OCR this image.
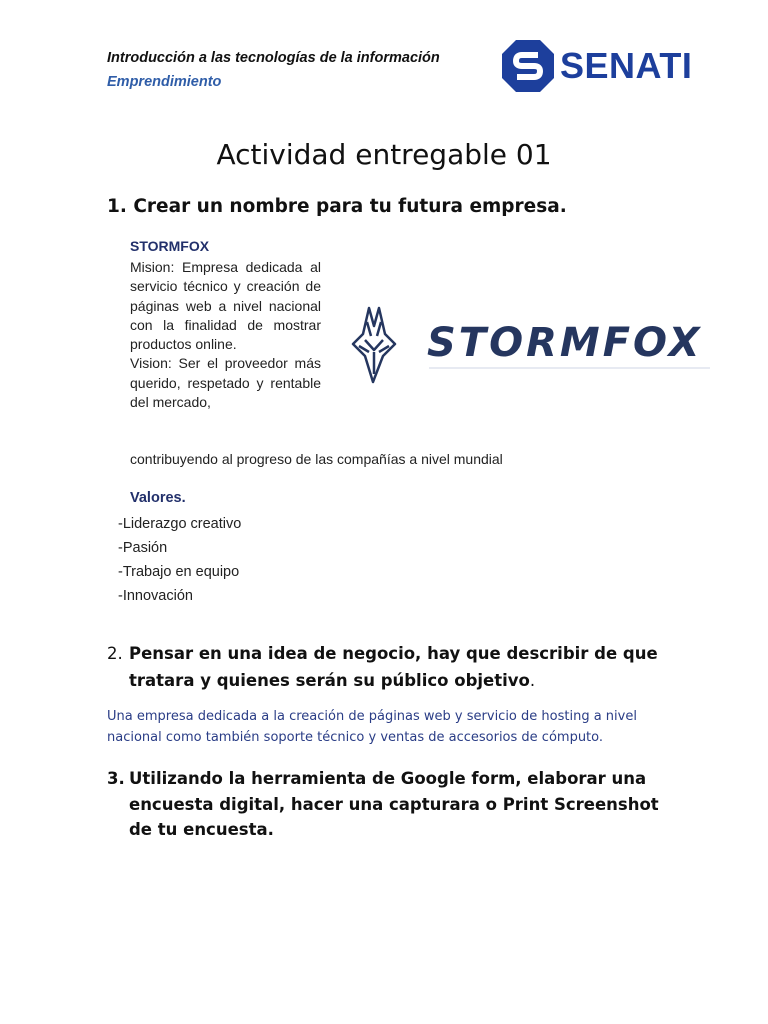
Introducción a las tecnologías de la información
Emprendimiento	SENATI
Actividad entregable 01
1. Crear un nombre para tu futura empresa.
STORMFOX

Mision: Empresa dedicada al servicio técnico y creación de páginas web a nivel nacional con la finalidad de mostrar productos online.

Vision: Ser el proveedor más querido, respetado y rentable del mercado,

contribuyendo al progreso de las compañías a nivel mundial
STORMFOX
Valores.
-Liderazgo creativo
-Pasión
-Trabajo en equipo
-Innovación
2. Pensar en una idea de negocio, hay que describir de que tratara y quienes serán su público objetivo.
Una empresa dedicada a la creación de páginas web y servicio de hosting a nivel nacional como también soporte técnico y ventas de accesorios de cómputo.
3. Utilizando la herramienta de Google form, elaborar una encuesta digital, hacer una capturara o Print Screenshot de tu encuesta.
